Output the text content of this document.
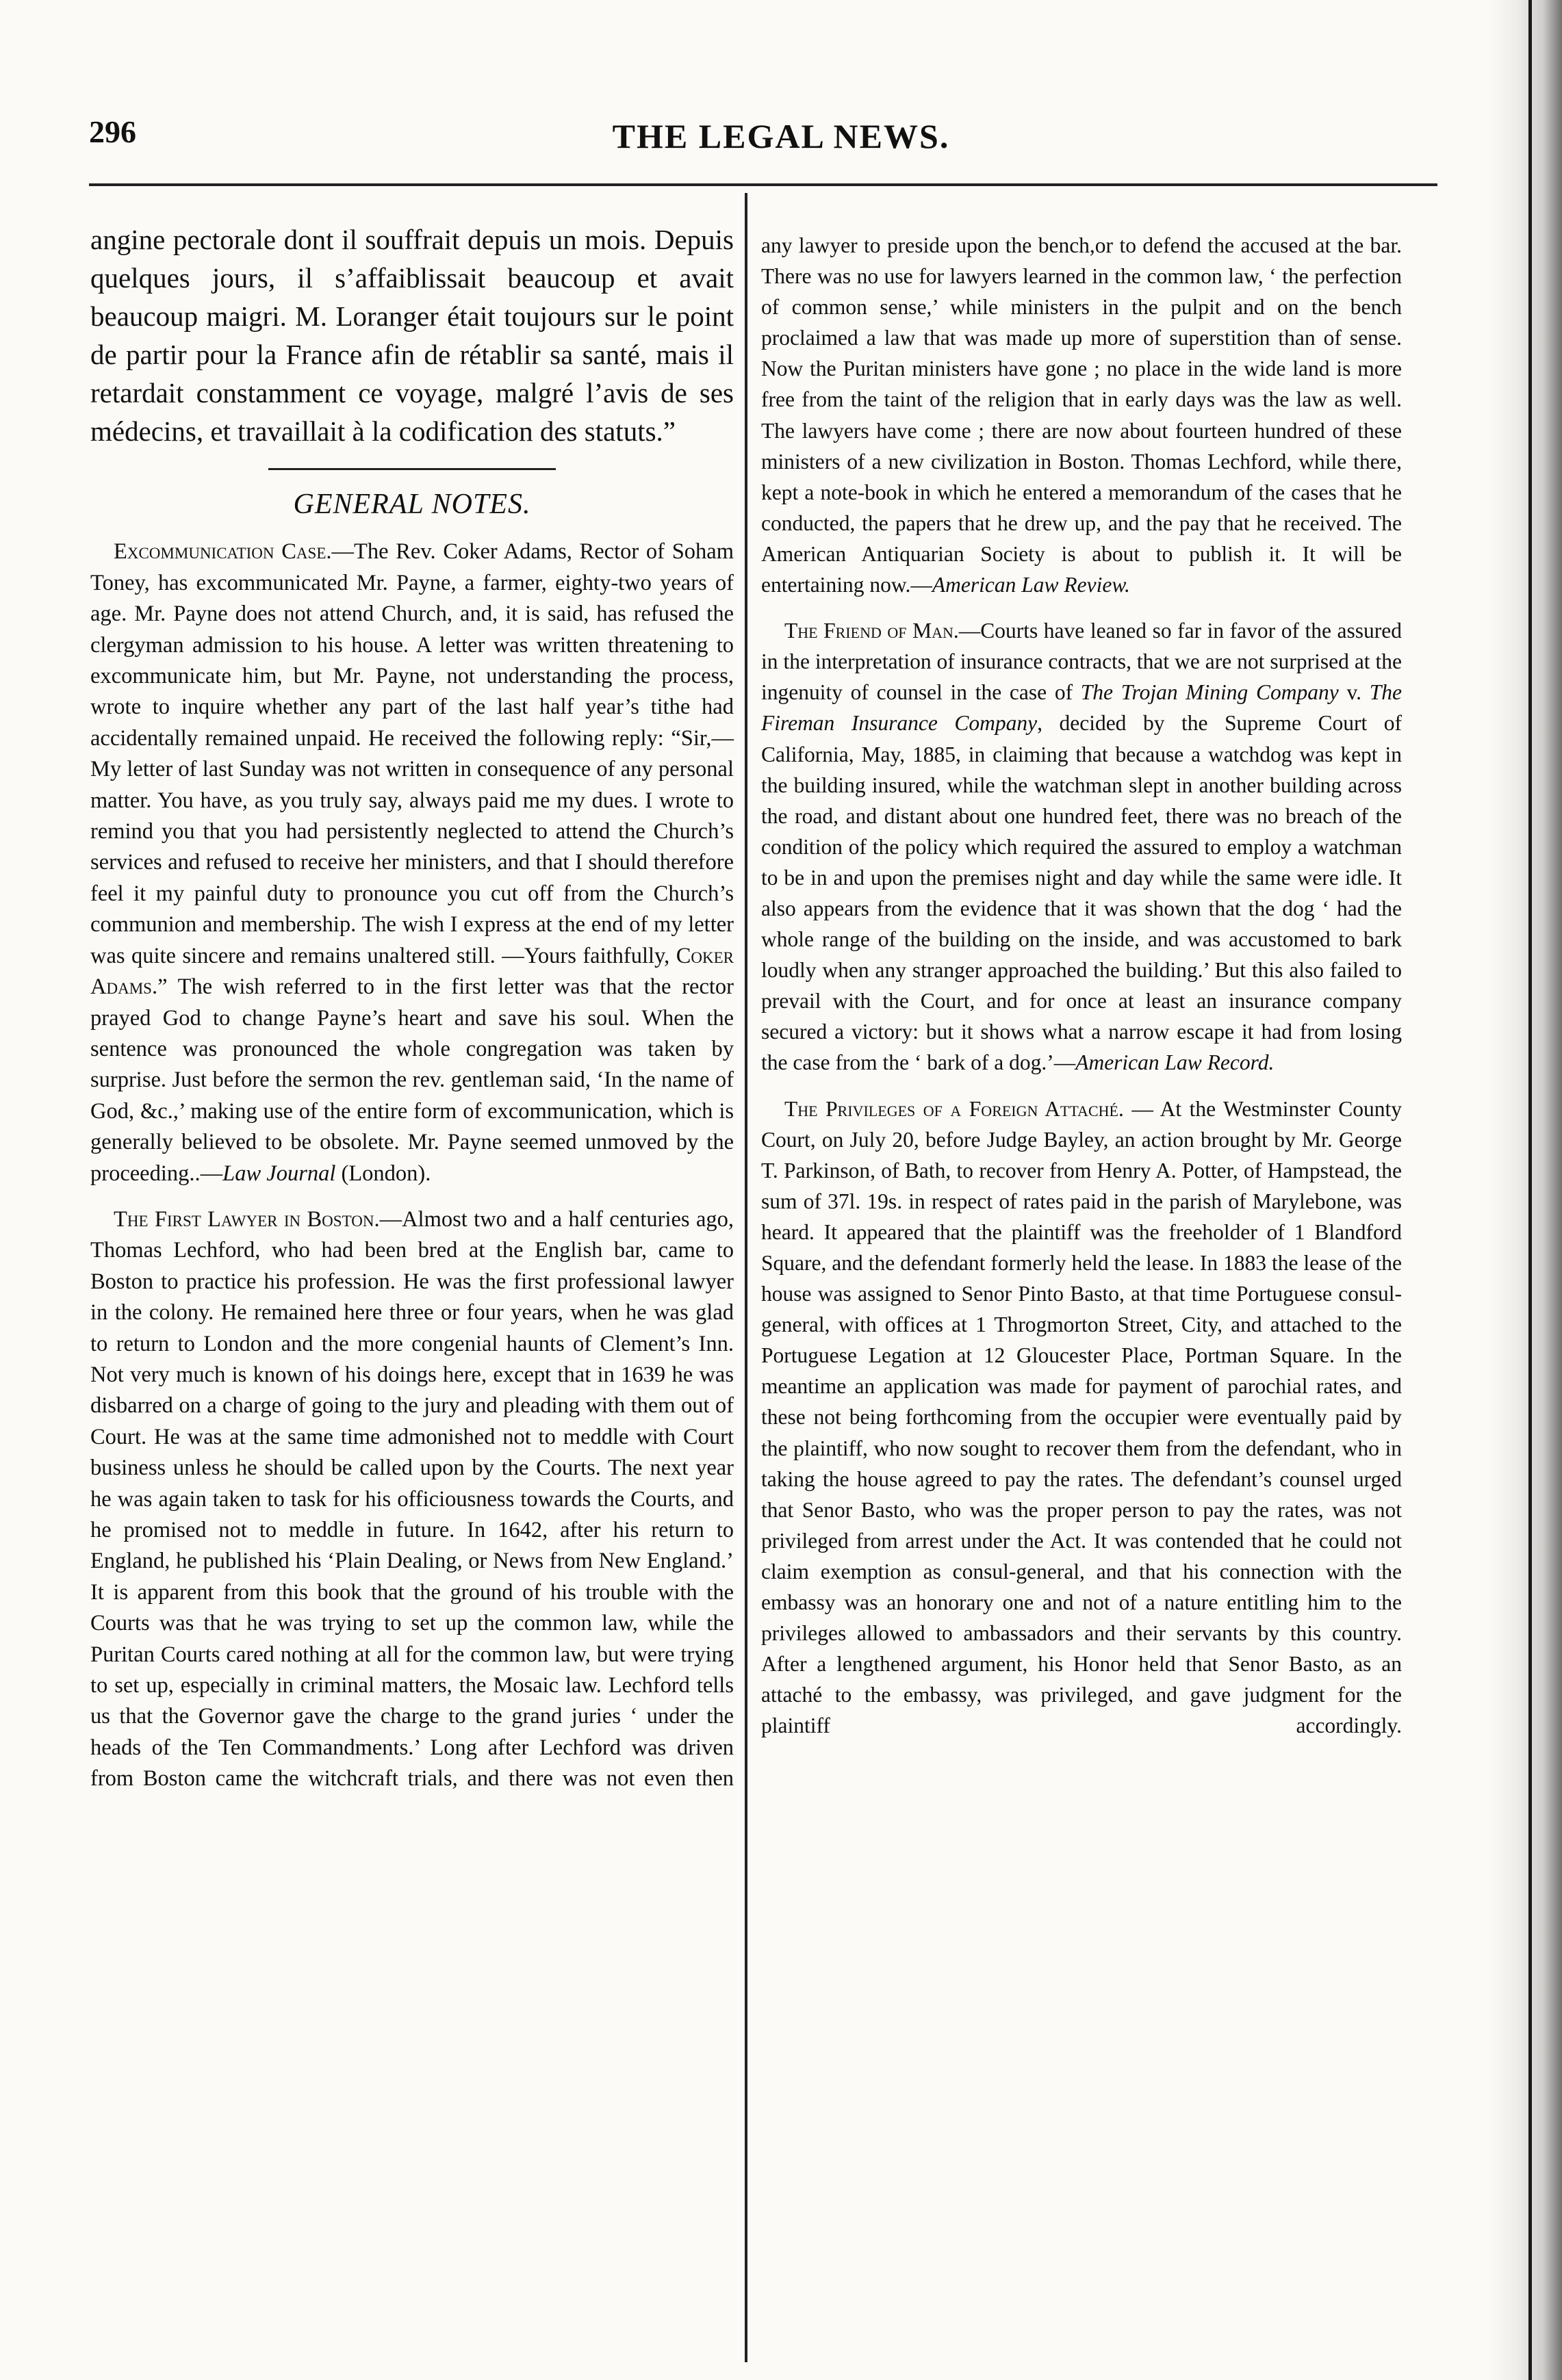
296	THE LEGAL NEWS.

angine pectorale dont il souffrait depuis un mois. Depuis quelques jours, il s’affaiblissait beaucoup et avait beaucoup maigri. M. Loranger était toujours sur le point de partir pour la France afin de rétablir sa santé, mais il retardait constamment ce voyage, malgré l’avis de ses médecins, et travaillait à la codification des statuts.”

GENERAL NOTES.

Excommunication Case.—The Rev. Coker Adams, Rector of Soham Toney, has excommunicated Mr. Payne, a farmer, eighty-two years of age. Mr. Payne does not attend Church, and, it is said, has refused the clergyman admission to his house. A letter was written threatening to excommunicate him, but Mr. Payne, not understanding the process, wrote to inquire whether any part of the last half year’s tithe had accidentally remained unpaid. He received the following reply: “Sir,—My letter of last Sunday was not written in consequence of any personal matter. You have, as you truly say, always paid me my dues. I wrote to remind you that you had persistently neglected to attend the Church’s services and refused to receive her ministers, and that I should therefore feel it my painful duty to pronounce you cut off from the Church’s communion and membership. The wish I express at the end of my letter was quite sincere and remains unaltered still. —Yours faithfully, Coker Adams.” The wish referred to in the first letter was that the rector prayed God to change Payne’s heart and save his soul. When the sentence was pronounced the whole congregation was taken by surprise. Just before the sermon the rev. gentleman said, ‘In the name of God, &c.,’ making use of the entire form of excommunication, which is generally believed to be obsolete. Mr. Payne seemed unmoved by the proceeding..—Law Journal (London).

The First Lawyer in Boston.—Almost two and a half centuries ago, Thomas Lechford, who had been bred at the English bar, came to Boston to practice his profession. He was the first professional lawyer in the colony. He remained here three or four years, when he was glad to return to London and the more congenial haunts of Clement’s Inn. Not very much is known of his doings here, except that in 1639 he was disbarred on a charge of going to the jury and pleading with them out of Court. He was at the same time admonished not to meddle with Court business unless he should be called upon by the Courts. The next year he was again taken to task for his officiousness towards the Courts, and he promised not to meddle in future. In 1642, after his return to England, he published his ‘Plain Dealing, or News from New England.’ It is apparent from this book that the ground of his trouble with the Courts was that he was trying to set up the common law, while the Puritan Courts cared nothing at all for the common law, but were trying to set up, especially in criminal matters, the Mosaic law. Lechford tells us that the Governor gave the charge to the grand juries ‘ under the heads of the Ten Commandments.’ Long after Lechford was driven from Boston came the witchcraft trials, and there was not even then

any lawyer to preside upon the bench,or to defend the accused at the bar. There was no use for lawyers learned in the common law, ‘ the perfection of common sense,’ while ministers in the pulpit and on the bench proclaimed a law that was made up more of superstition than of sense. Now the Puritan ministers have gone ; no place in the wide land is more free from the taint of the religion that in early days was the law as well. The lawyers have come ; there are now about fourteen hundred of these ministers of a new civilization in Boston. Thomas Lechford, while there, kept a note-book in which he entered a memorandum of the cases that he conducted, the papers that he drew up, and the pay that he received. The American Antiquarian Society is about to publish it. It will be entertaining now.—American Law Review.

The Friend of Man.—Courts have leaned so far in favor of the assured in the interpretation of insurance contracts, that we are not surprised at the ingenuity of counsel in the case of The Trojan Mining Company v. The Fireman Insurance Company, decided by the Supreme Court of California, May, 1885, in claiming that because a watchdog was kept in the building insured, while the watchman slept in another building across the road, and distant about one hundred feet, there was no breach of the condition of the policy which required the assured to employ a watchman to be in and upon the premises night and day while the same were idle. It also appears from the evidence that it was shown that the dog ‘ had the whole range of the building on the inside, and was accustomed to bark loudly when any stranger approached the building.’ But this also failed to prevail with the Court, and for once at least an insurance company secured a victory: but it shows what a narrow escape it had from losing the case from the ‘ bark of a dog.’—American Law Record.

The Privileges of a Foreign Attaché. — At the Westminster County Court, on July 20, before Judge Bayley, an action brought by Mr. George T. Parkinson, of Bath, to recover from Henry A. Potter, of Hampstead, the sum of 37l. 19s. in respect of rates paid in the parish of Marylebone, was heard. It appeared that the plaintiff was the freeholder of 1 Blandford Square, and the defendant formerly held the lease. In 1883 the lease of the house was assigned to Senor Pinto Basto, at that time Portuguese consul-general, with offices at 1 Throgmorton Street, City, and attached to the Portuguese Legation at 12 Gloucester Place, Portman Square. In the meantime an application was made for payment of parochial rates, and these not being forthcoming from the occupier were eventually paid by the plaintiff, who now sought to recover them from the defendant, who in taking the house agreed to pay the rates. The defendant’s counsel urged that Senor Basto, who was the proper person to pay the rates, was not privileged from arrest under the Act. It was contended that he could not claim exemption as consul-general, and that his connection with the embassy was an honorary one and not of a nature entitling him to the privileges allowed to ambassadors and their servants by this country. After a lengthened argument, his Honor held that Senor Basto, as an attaché to the embassy, was privileged, and gave judgment for the plaintiff accordingly.
